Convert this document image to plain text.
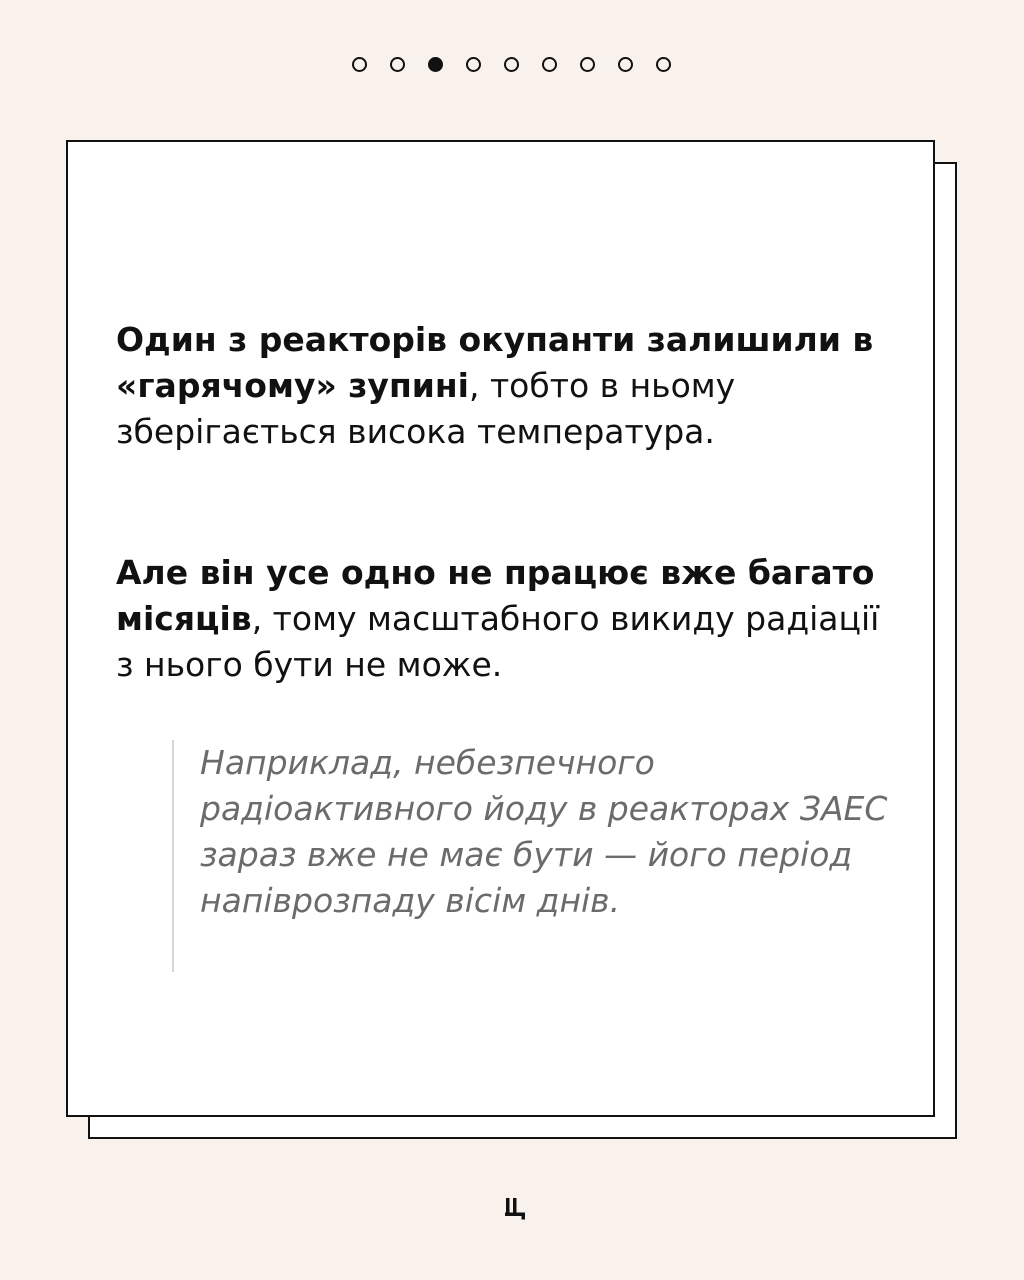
Один з реакторів окупанти залишили в «гарячому» зупині, тобто в ньому зберігається висока температура.

Але він усе одно не працює вже багато місяців, тому масштабного викиду радіації з нього бути не може.

Наприклад, небезпечного радіоактивного йоду в реакторах ЗАЕС зараз вже не має бути — його період напіврозпаду вісім днів.
